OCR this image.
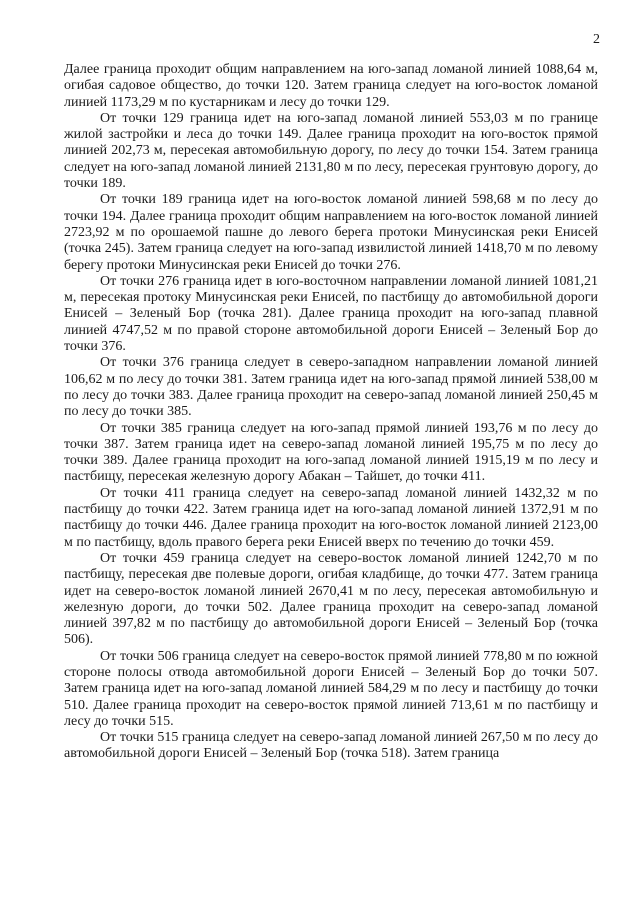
2

Далее граница проходит общим направлением на юго-запад ломаной линией 1088,64 м, огибая садовое общество, до точки 120. Затем граница следует на юго-восток ломаной линией 1173,29 м по кустарникам и лесу до точки 129.

От точки 129 граница идет на юго-запад ломаной линией 553,03 м по границе жилой застройки и леса до точки 149. Далее граница проходит на юго-восток прямой линией 202,73 м, пересекая автомобильную дорогу, по лесу до точки 154. Затем граница следует на юго-запад ломаной линией 2131,80 м по лесу, пересекая грунтовую дорогу, до точки 189.

От точки 189 граница идет на юго-восток ломаной линией 598,68 м по лесу до точки 194. Далее граница проходит общим направлением на юго-восток ломаной линией 2723,92 м по орошаемой пашне до левого берега протоки Минусинская реки Енисей (точка 245). Затем граница следует на юго-запад извилистой линией 1418,70 м по левому берегу протоки Минусинская реки Енисей до точки 276.

От точки 276 граница идет в юго-восточном направлении ломаной линией 1081,21 м, пересекая протоку Минусинская реки Енисей, по пастбищу до автомобильной дороги Енисей – Зеленый Бор (точка 281). Далее граница проходит на юго-запад плавной линией 4747,52 м по правой стороне автомобильной дороги Енисей – Зеленый Бор до точки 376.

От точки 376 граница следует в северо-западном направлении ломаной линией 106,62 м по лесу до точки 381. Затем граница идет на юго-запад прямой линией 538,00 м по лесу до точки 383. Далее граница проходит на северо-запад ломаной линией 250,45 м по лесу до точки 385.

От точки 385 граница следует на юго-запад прямой линией 193,76 м по лесу до точки 387. Затем граница идет на северо-запад ломаной линией 195,75 м по лесу до точки 389. Далее граница проходит на юго-запад ломаной линией 1915,19 м по лесу и пастбищу, пересекая железную дорогу Абакан – Тайшет, до точки 411.

От точки 411 граница следует на северо-запад ломаной линией 1432,32 м по пастбищу до точки 422. Затем граница идет на юго-запад ломаной линией 1372,91 м по пастбищу до точки 446. Далее граница проходит на юго-восток ломаной линией 2123,00 м по пастбищу, вдоль правого берега реки Енисей вверх по течению до точки 459.

От точки 459 граница следует на северо-восток ломаной линией 1242,70 м по пастбищу, пересекая две полевые дороги, огибая кладбище, до точки 477. Затем граница идет на северо-восток ломаной линией 2670,41 м по лесу, пересекая автомобильную и железную дороги, до точки 502. Далее граница проходит на северо-запад ломаной линией 397,82 м по пастбищу до автомобильной дороги Енисей – Зеленый Бор (точка 506).

От точки 506 граница следует на северо-восток прямой линией 778,80 м по южной стороне полосы отвода автомобильной дороги Енисей – Зеленый Бор до точки 507. Затем граница идет на юго-запад ломаной линией 584,29 м по лесу и пастбищу до точки 510. Далее граница проходит на северо-восток прямой линией 713,61 м по пастбищу и лесу до точки 515.

От точки 515 граница следует на северо-запад ломаной линией 267,50 м по лесу до автомобильной дороги Енисей – Зеленый Бор (точка 518). Затем граница
